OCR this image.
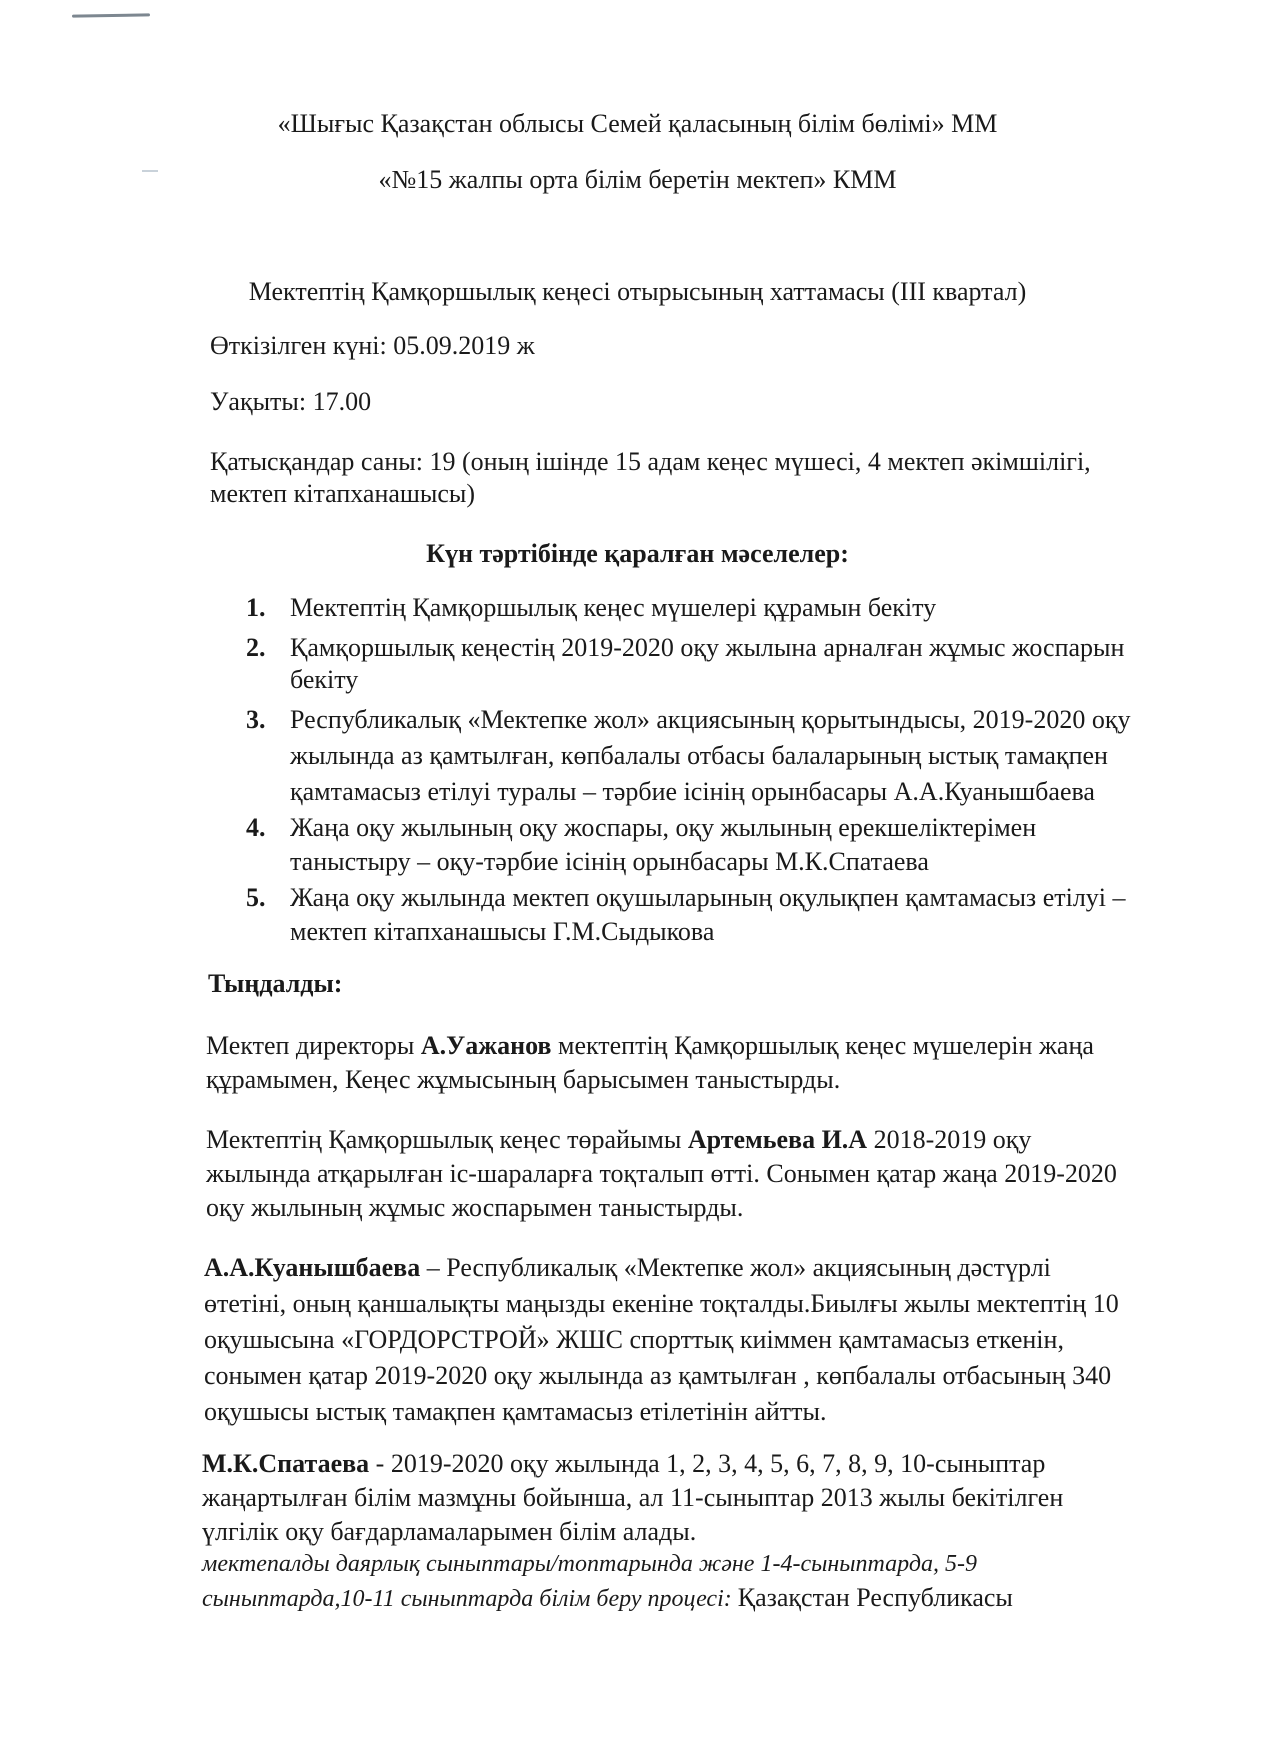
«Шығыс Қазақстан облысы Семей қаласының білім бөлімі» ММ
«№15 жалпы орта білім беретін мектеп» КММ
Мектептің Қамқоршылық кеңесі отырысының хаттамасы (ІІІ квартал)
Өткізілген күні: 05.09.2019 ж
Уақыты: 17.00
Қатысқандар саны: 19 (оның ішінде 15 адам кеңес мүшесі, 4 мектеп әкімшілігі,
мектеп кітапханашысы)
Күн тәртібінде қаралған мәселелер:
1. Мектептің Қамқоршылық кеңес мүшелері құрамын бекіту
2. Қамқоршылық кеңестің 2019-2020 оқу жылына арналған жұмыс жоспарын
бекіту
3. Республикалық «Мектепке жол» акциясының қорытындысы, 2019-2020 оқу
жылында аз қамтылған, көпбалалы отбасы балаларының ыстық тамақпен
қамтамасыз етілуі туралы – тәрбие ісінің орынбасары А.А.Куанышбаева
4. Жаңа оқу жылының оқу жоспары, оқу жылының ерекшеліктерімен
таныстыру – оқу-тәрбие ісінің орынбасары М.К.Спатаева
5. Жаңа оқу жылында мектеп оқушыларының оқулықпен қамтамасыз етілуі –
мектеп кітапханашысы Г.М.Сыдыкова
Тыңдалды:
Мектеп директоры А.Уажанов мектептің Қамқоршылық кеңес мүшелерін жаңа
құрамымен, Кеңес жұмысының барысымен таныстырды.
Мектептің Қамқоршылық кеңес төрайымы Артемьева И.А 2018-2019 оқу
жылында атқарылған іс-шараларға тоқталып өтті. Сонымен қатар жаңа 2019-2020
оқу жылының жұмыс жоспарымен таныстырды.
А.А.Куанышбаева – Республикалық «Мектепке жол» акциясының дәстүрлі
өтетіні, оның қаншалықты маңызды екеніне тоқталды.Биылғы жылы мектептің 10
оқушысына «ГОРДОРСТРОЙ» ЖШС спорттық киіммен қамтамасыз еткенін,
сонымен қатар 2019-2020 оқу жылында аз қамтылған , көпбалалы отбасының 340
оқушысы ыстық тамақпен қамтамасыз етілетінін айтты.
М.К.Спатаева - 2019-2020 оқу жылында 1, 2, 3, 4, 5, 6, 7, 8, 9, 10-сыныптар
жаңартылған білім мазмұны бойынша, ал 11-сыныптар 2013 жылы бекітілген
үлгілік оқу бағдарламаларымен білім алады.
мектепалды даярлық сыныптары/топтарында және 1-4-сыныптарда, 5-9
сыныптарда,10-11 сыныптарда білім беру процесі: Қазақстан Республикасы
